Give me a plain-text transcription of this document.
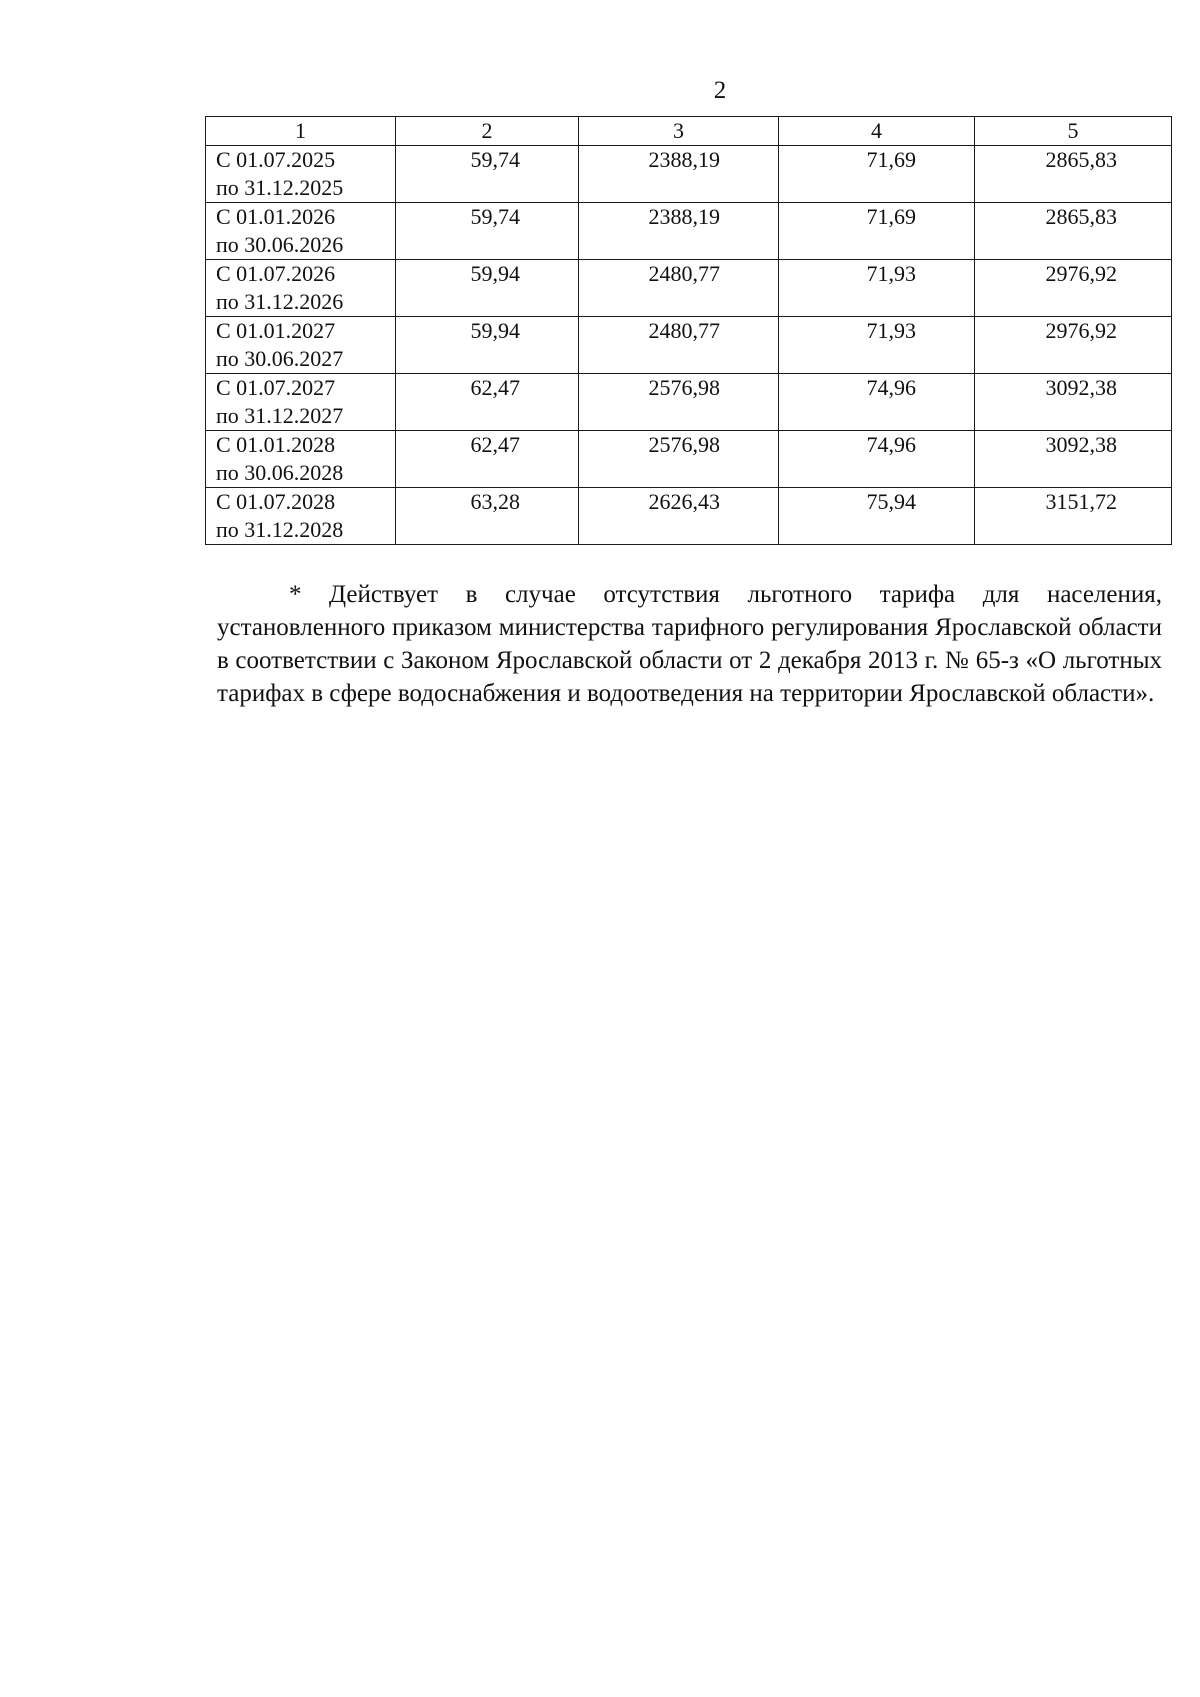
2
1	2	3	4	5

С 01.07.2025
по 31.12.2025	59,74	2388,19	71,69	2865,83

С 01.01.2026
по 30.06.2026	59,74	2388,19	71,69	2865,83

С 01.07.2026
по 31.12.2026	59,94	2480,77	71,93	2976,92

С 01.01.2027
по 30.06.2027	59,94	2480,77	71,93	2976,92

С 01.07.2027
по 31.12.2027	62,47	2576,98	74,96	3092,38

С 01.01.2028
по 30.06.2028	62,47	2576,98	74,96	3092,38

С 01.07.2028
по 31.12.2028	63,28	2626,43	75,94	3151,72

* Действует в случае отсутствия льготного тарифа для населения, установленного приказом министерства тарифного регулирования Ярославской области в соответствии с Законом Ярославской области от 2 декабря 2013 г. № 65-з «О льготных тарифах в сфере водоснабжения и водоотведения на территории Ярославской области».
